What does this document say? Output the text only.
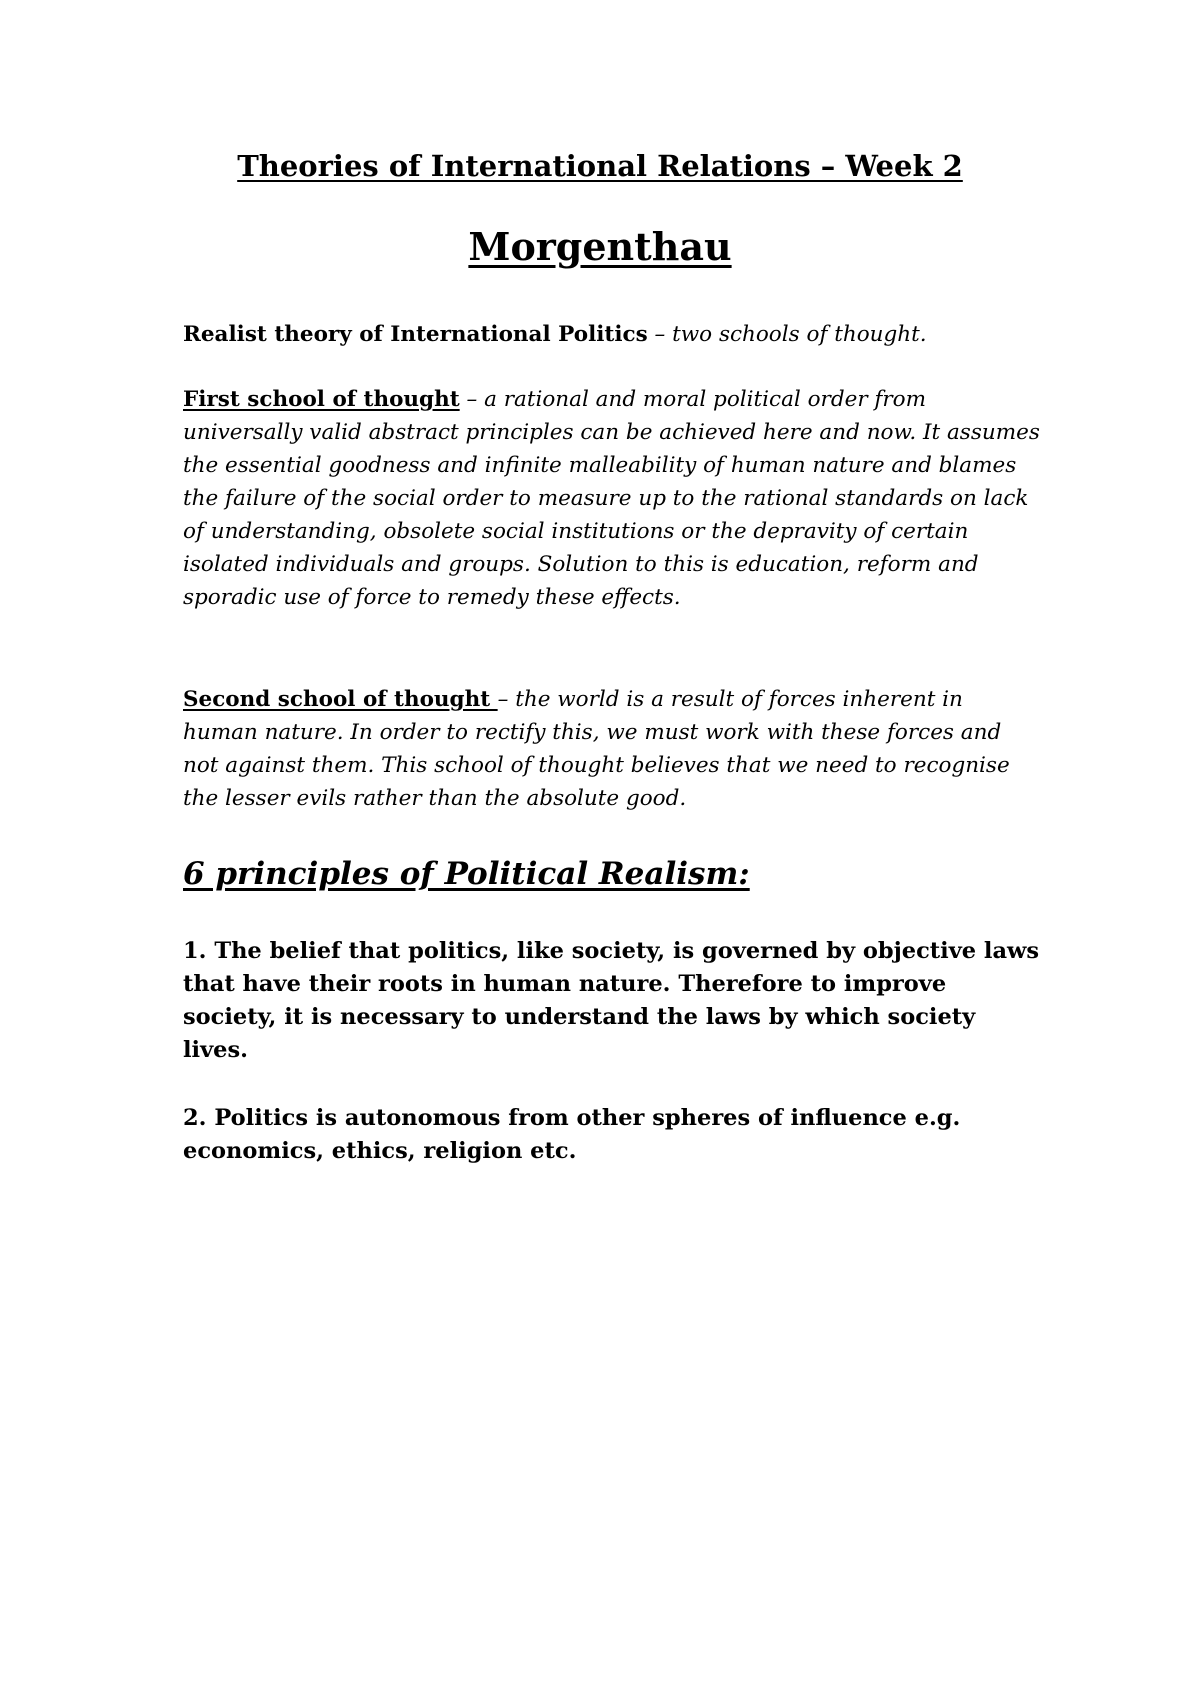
Theories of International Relations – Week 2
Morgenthau
Realist theory of International Politics – two schools of thought.
First school of thought – a rational and moral political order from universally valid abstract principles can be achieved here and now. It assumes the essential goodness and infinite malleability of human nature and blames the failure of the social order to measure up to the rational standards on lack of understanding, obsolete social institutions or the depravity of certain isolated individuals and groups. Solution to this is education, reform and sporadic use of force to remedy these effects.
Second school of thought – the world is a result of forces inherent in human nature. In order to rectify this, we must work with these forces and not against them. This school of thought believes that we need to recognise the lesser evils rather than the absolute good.
6 principles of Political Realism:
1. The belief that politics, like society, is governed by objective laws that have their roots in human nature. Therefore to improve society, it is necessary to understand the laws by which society lives.
2. Politics is autonomous from other spheres of influence e.g. economics, ethics, religion etc.
